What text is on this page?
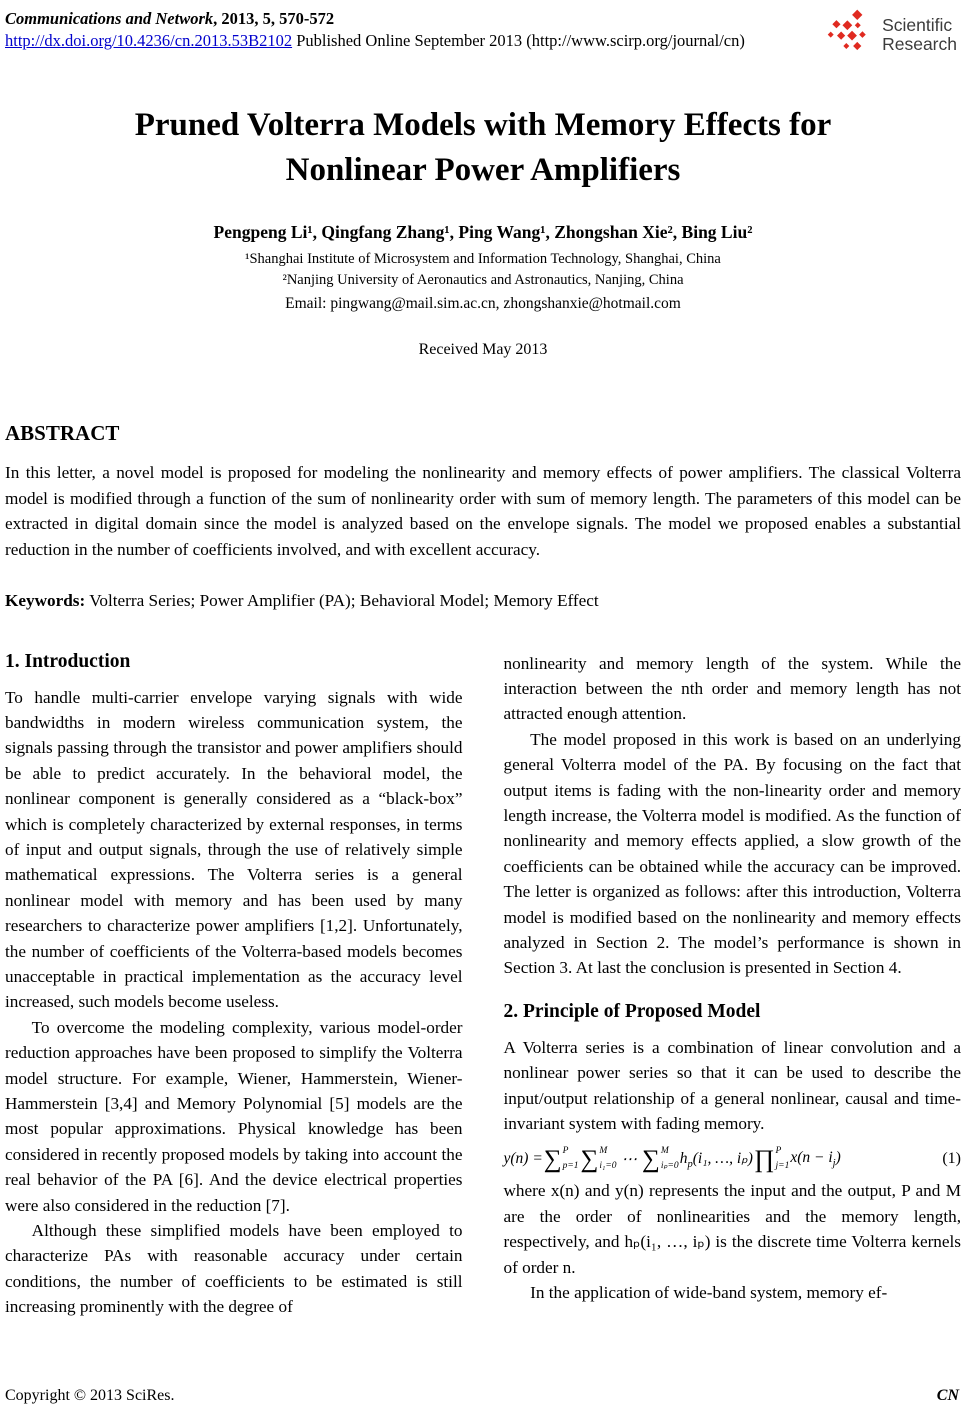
Communications and Network, 2013, 5, 570-572
http://dx.doi.org/10.4236/cn.2013.53B2102 Published Online September 2013 (http://www.scirp.org/journal/cn)
Scientific
Research
Pruned Volterra Models with Memory Effects for
Nonlinear Power Amplifiers
Pengpeng Li¹, Qingfang Zhang¹, Ping Wang¹, Zhongshan Xie², Bing Liu²
¹Shanghai Institute of Microsystem and Information Technology, Shanghai, China
²Nanjing University of Aeronautics and Astronautics, Nanjing, China
Email: pingwang@mail.sim.ac.cn, zhongshanxie@hotmail.com
Received May 2013
ABSTRACT
In this letter, a novel model is proposed for modeling the nonlinearity and memory effects of power amplifiers. The classical Volterra model is modified through a function of the sum of nonlinearity order with sum of memory length. The parameters of this model can be extracted in digital domain since the model is analyzed based on the envelope signals. The model we proposed enables a substantial reduction in the number of coefficients involved, and with excellent accuracy.
Keywords: Volterra Series; Power Amplifier (PA); Behavioral Model; Memory Effect
1. Introduction

To handle multi-carrier envelope varying signals with wide bandwidths in modern wireless communication system, the signals passing through the transistor and power amplifiers should be able to predict accurately. In the behavioral model, the nonlinear component is generally considered as a “black-box” which is completely characterized by external responses, in terms of input and output signals, through the use of relatively simple mathematical expressions. The Volterra series is a general nonlinear model with memory and has been used by many researchers to characterize power amplifiers [1,2]. Unfortunately, the number of coefficients of the Volterra-based models becomes unacceptable in practical implementation as the accuracy level increased, such models become useless.

To overcome the modeling complexity, various model-order reduction approaches have been proposed to simplify the Volterra model structure. For example, Wiener, Hammerstein, Wiener-Hammerstein [3,4] and Memory Polynomial [5] models are the most popular approximations. Physical knowledge has been considered in recently proposed models by taking into account the real behavior of the PA [6]. And the device electrical properties were also considered in the reduction [7].

Although these simplified models have been employed to characterize PAs with reasonable accuracy under certain conditions, the number of coefficients to be estimated is still increasing prominently with the degree of

nonlinearity and memory length of the system. While the interaction between the nth order and memory length has not attracted enough attention.

The model proposed in this work is based on an underlying general Volterra model of the PA. By focusing on the fact that output items is fading with the non-linearity order and memory length increase, the Volterra model is modified. As the function of nonlinearity and memory effects applied, a slow growth of the coefficients can be obtained while the accuracy can be improved. The letter is organized as follows: after this introduction, Volterra model is modified based on the nonlinearity and memory effects analyzed in Section 2. The model’s performance is shown in Section 3. At last the conclusion is presented in Section 4.

2. Principle of Proposed Model

A Volterra series is a combination of linear convolution and a nonlinear power series so that it can be used to describe the input/output relationship of a general nonlinear, causal and time-invariant system with fading memory.

y(n) = ∑ P
p=1 ∑ M
i₁=0 ⋯ ∑ M
iₚ=0 $h_p(i_1$, …, iₚ) ∏ P
j=1
$x(n - i_j)$	(1)

where x(n) and y(n) represents the input and the output, P and M are the order of nonlinearities and the memory length, respectively, and hₚ(i₁, …, iₚ) is the discrete time Volterra kernels of order n.

In the application of wide-band system, memory ef-

Copyright © 2013 SciRes.	CN
